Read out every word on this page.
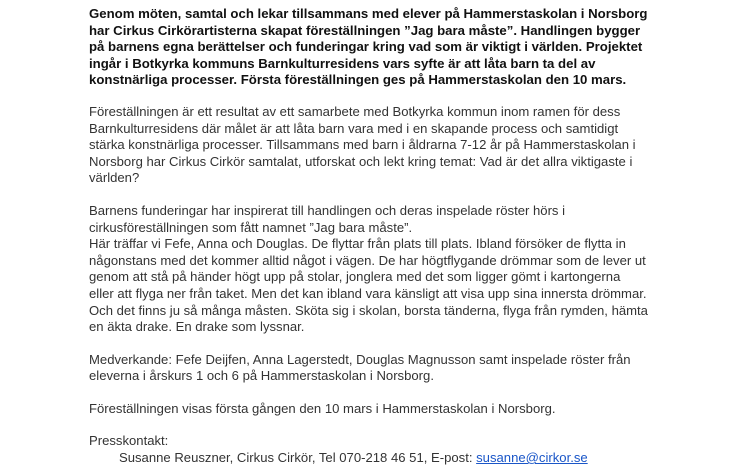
Genom möten, samtal och lekar tillsammans med elever på Hammerstaskolan i Norsborg
har Cirkus Cirkörartisterna skapat föreställningen ”Jag bara måste”. Handlingen bygger
på barnens egna berättelser och funderingar kring vad som är viktigt i världen. Projektet
ingår i Botkyrka kommuns Barnkulturresidens vars syfte är att låta barn ta del av
konstnärliga processer. Första föreställningen ges på Hammerstaskolan den 10 mars.
Föreställningen är ett resultat av ett samarbete med Botkyrka kommun inom ramen för dess
Barnkulturresidens där målet är att låta barn vara med i en skapande process och samtidigt
stärka konstnärliga processer. Tillsammans med barn i åldrarna 7-12 år på Hammerstaskolan i
Norsborg har Cirkus Cirkör samtalat, utforskat och lekt kring temat: Vad är det allra viktigaste i
världen?
Barnens funderingar har inspirerat till handlingen och deras inspelade röster hörs i
cirkusföreställningen som fått namnet ”Jag bara måste”.
Här träffar vi Fefe, Anna och Douglas. De flyttar från plats till plats. Ibland försöker de flytta in
någonstans med det kommer alltid något i vägen. De har högtflygande drömmar som de lever ut
genom att stå på händer högt upp på stolar, jonglera med det som ligger gömt i kartongerna
eller att flyga ner från taket. Men det kan ibland vara känsligt att visa upp sina innersta drömmar.
Och det finns ju så många måsten. Sköta sig i skolan, borsta tänderna, flyga från rymden, hämta
en äkta drake. En drake som lyssnar.
Medverkande: Fefe Deijfen, Anna Lagerstedt, Douglas Magnusson samt inspelade röster från
eleverna i årskurs 1 och 6 på Hammerstaskolan i Norsborg.
Föreställningen visas första gången den 10 mars i Hammerstaskolan i Norsborg.
Presskontakt:
Susanne Reuszner, Cirkus Cirkör, Tel 070-218 46 51, E-post: susanne@cirkor.se
